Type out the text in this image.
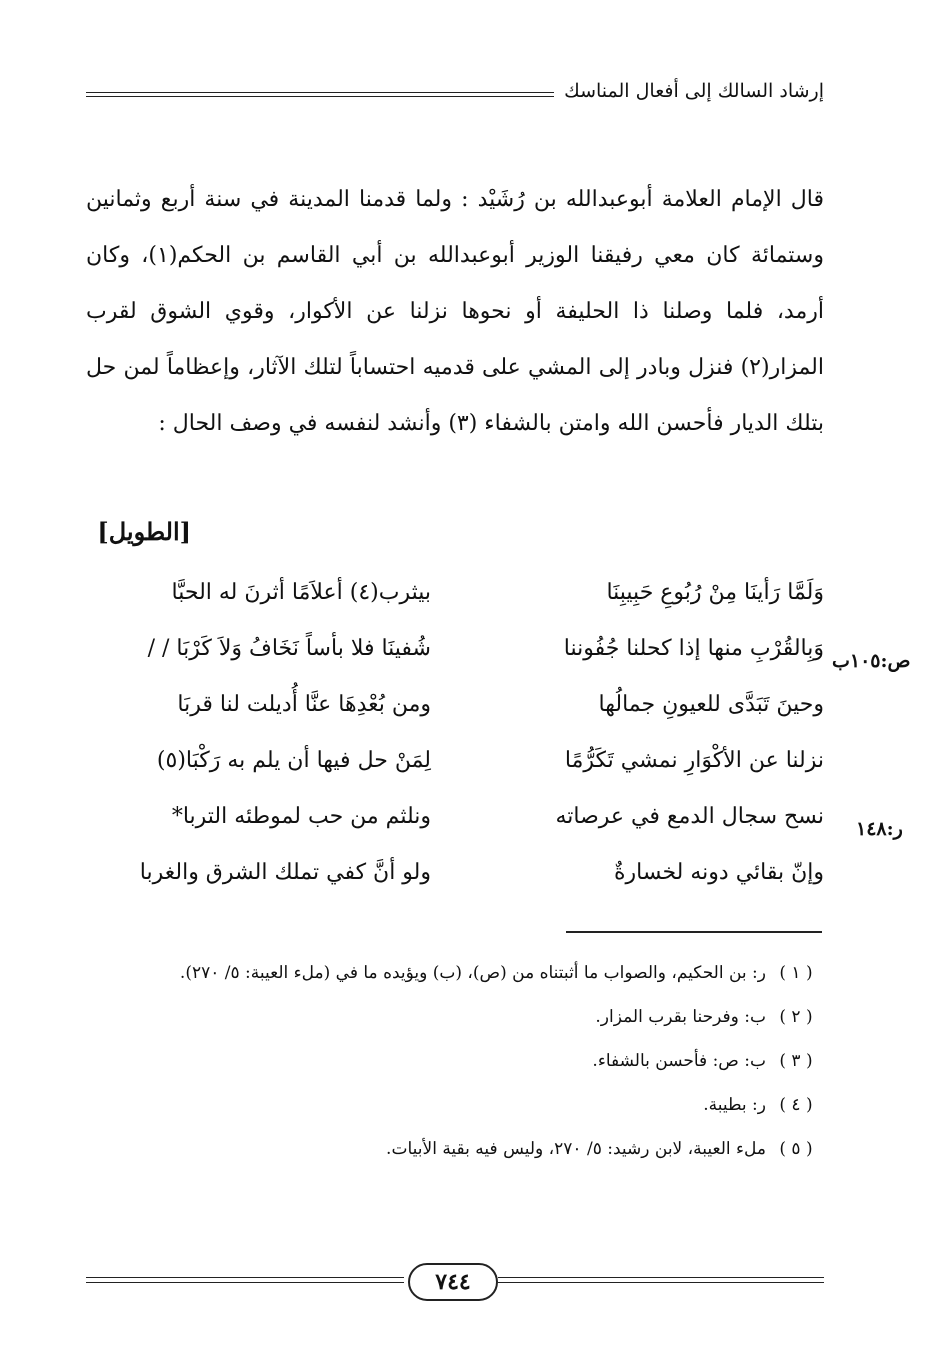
إرشاد السالك إلى أفعال المناسك

قال الإمام العلامة أبوعبدالله بن رُشَيْد : ولما قدمنا المدينة في سنة أربع وثمانين وستمائة كان معي رفيقنا الوزير أبوعبدالله بن أبي القاسم بن الحكم(١)، وكان أرمد، فلما وصلنا ذا الحليفة أو نحوها نزلنا عن الأكوار، وقوي الشوق لقرب المزار(٢) فنزل وبادر إلى المشي على قدميه احتساباً لتلك الآثار، وإعظاماً لمن حل بتلك الديار فأحسن الله وامتن بالشفاء (٣) وأنشد لنفسه في وصف الحال :

[الطويل]
وَلَمَّا رَأينَا مِنْ رُبُوعِ حَبِيبِنَا
بيثرب(٤) أعلاَمًا أثرنَ له الحبَّا
وَبِالقُرْبِ منها إذا كحلنا جُفُوننا
شُفينَا فلا بأساً نَخَافُ وَلاَ كَرْبَا / /
وحينَ تَبَدَّى للعيونِ جمالُها
ومن بُعْدِهَا عنَّا أُديلت لنا قربَا
نزلنا عن الأكْوَارِ نمشي تَكَرُّمًا
لِمَنْ حل فيها أن يلم به رَكْبَا(٥)
نسح سجال الدمع في عرصاته
ونلثم من حب لموطئه التربا*
وإنّ بقائي دونه لخسارةٌ
ولو أنَّ كفي تملك الشرق والغربا
ص:١٠٥ب
ر:١٤٨
( ١ )
ر: بن الحكيم، والصواب ما أثبتناه من (ص)، (ب) ويؤيده ما في (ملء العيبة: ٥/ ٢٧٠).
( ٢ )
ب: وفرحنا بقرب المزار.
( ٣ )
ب: ص: فأحسن بالشفاء.
( ٤ )
ر: بطيبة.
( ٥ )
ملء العيبة، لابن رشيد: ٥/ ٢٧٠، وليس فيه بقية الأبيات.
٧٤٤
